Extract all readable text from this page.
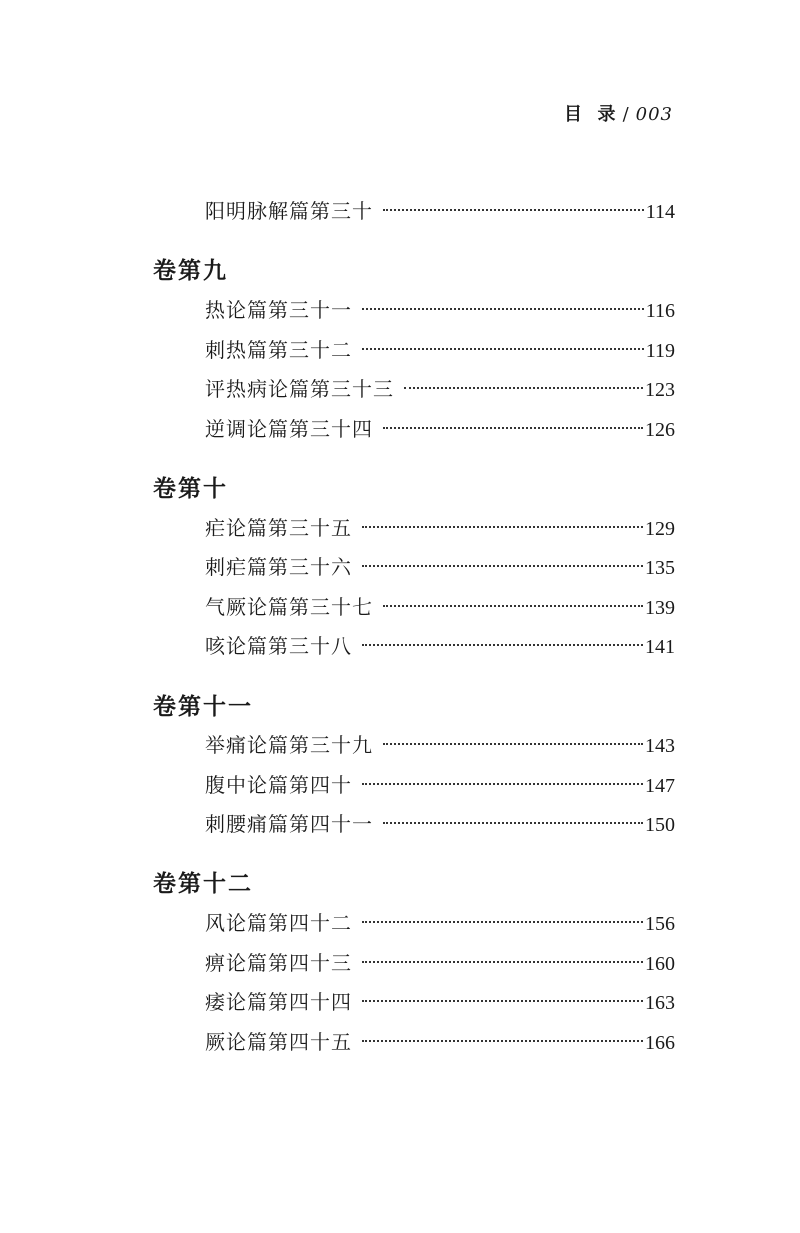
目  录 / 003
阳明脉解篇第三十	114
卷第九
热论篇第三十一	116
刺热篇第三十二	119
评热病论篇第三十三	123
逆调论篇第三十四	126
卷第十
疟论篇第三十五	129
刺疟篇第三十六	135
气厥论篇第三十七	139
咳论篇第三十八	141
卷第十一
举痛论篇第三十九	143
腹中论篇第四十	147
刺腰痛篇第四十一	150
卷第十二
风论篇第四十二	156
痹论篇第四十三	160
痿论篇第四十四	163
厥论篇第四十五	166
